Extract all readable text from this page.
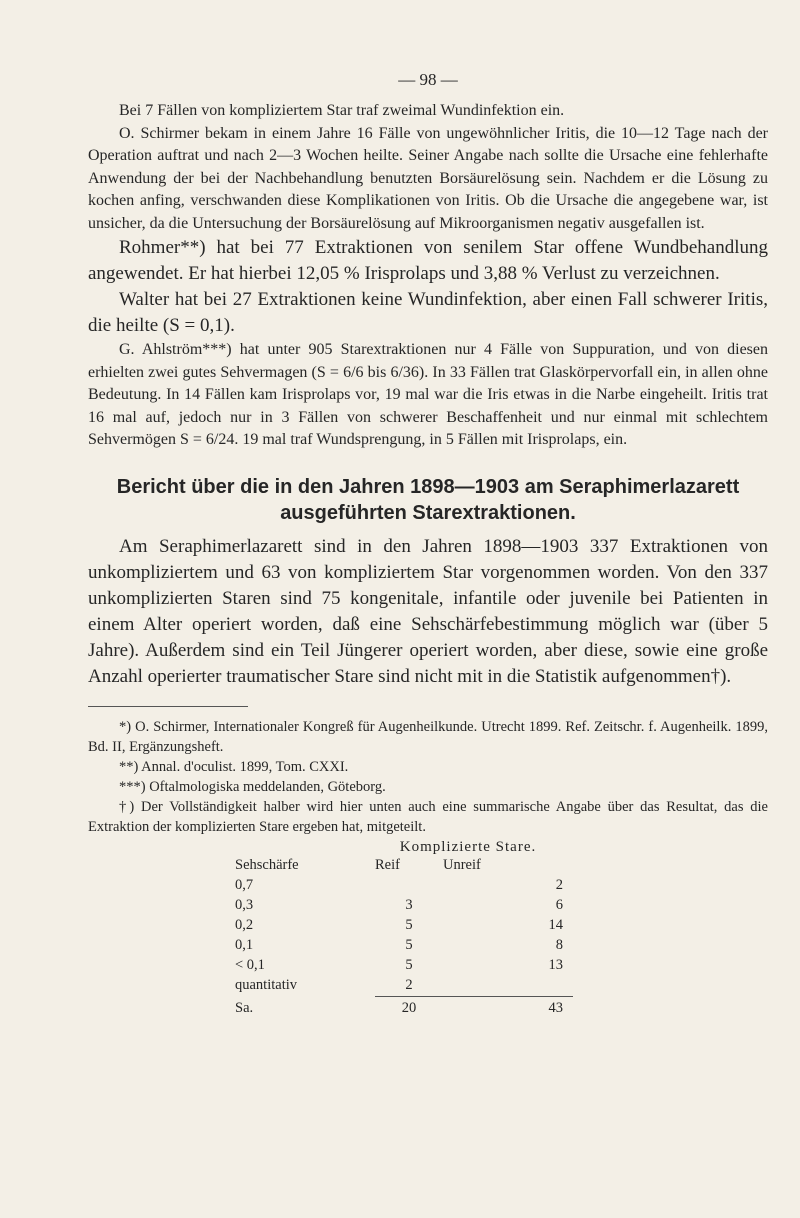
— 98 —

Bei 7 Fällen von kompliziertem Star traf zweimal Wundinfektion ein.

O. Schirmer bekam in einem Jahre 16 Fälle von ungewöhnlicher Iritis, die 10—12 Tage nach der Operation auftrat und nach 2—3 Wochen heilte. Seiner Angabe nach sollte die Ursache eine fehlerhafte Anwendung der bei der Nachbehandlung benutzten Borsäurelösung sein. Nachdem er die Lösung zu kochen anfing, verschwanden diese Komplikationen von Iritis. Ob die Ursache die angegebene war, ist unsicher, da die Untersuchung der Borsäurelösung auf Mikroorganismen negativ ausgefallen ist.

Rohmer**) hat bei 77 Extraktionen von senilem Star offene Wundbehandlung angewendet. Er hat hierbei 12,05 % Irisprolaps und 3,88 % Verlust zu verzeichnen.

Walter hat bei 27 Extraktionen keine Wundinfektion, aber einen Fall schwerer Iritis, die heilte (S = 0,1).

G. Ahlström***) hat unter 905 Starextraktionen nur 4 Fälle von Suppuration, und von diesen erhielten zwei gutes Sehvermagen (S = 6/6 bis 6/36). In 33 Fällen trat Glaskörpervorfall ein, in allen ohne Bedeutung. In 14 Fällen kam Irisprolaps vor, 19 mal war die Iris etwas in die Narbe eingeheilt. Iritis trat 16 mal auf, jedoch nur in 3 Fällen von schwerer Beschaffenheit und nur einmal mit schlechtem Sehvermögen S = 6/24. 19 mal traf Wundsprengung, in 5 Fällen mit Irisprolaps, ein.

Bericht über die in den Jahren 1898—1903 am Seraphimerlazarett ausgeführten Starextraktionen.

Am Seraphimerlazarett sind in den Jahren 1898—1903 337 Extraktionen von unkompliziertem und 63 von kompliziertem Star vorgenommen worden. Von den 337 unkomplizierten Staren sind 75 kongenitale, infantile oder juvenile bei Patienten in einem Alter operiert worden, daß eine Sehschärfebestimmung möglich war (über 5 Jahre). Außerdem sind ein Teil Jüngerer operiert worden, aber diese, sowie eine große Anzahl operierter traumatischer Stare sind nicht mit in die Statistik aufgenommen†).

*) O. Schirmer, Internationaler Kongreß für Augenheilkunde. Utrecht 1899. Ref. Zeitschr. f. Augenheilk. 1899, Bd. II, Ergänzungsheft.

**) Annal. d'oculist. 1899, Tom. CXXI.

***) Oftalmologiska meddelanden, Göteborg.

†) Der Vollständigkeit halber wird hier unten auch eine summarische Angabe über das Resultat, das die Extraktion der komplizierten Stare ergeben hat, mitgeteilt.

Komplizierte Stare.
Sehschärfe	Reif	Unreif
0,7		2
0,3	3	6
0,2	5	14
0,1	5	8
< 0,1	5	13
quantitativ	2	
Sa.	20	43
